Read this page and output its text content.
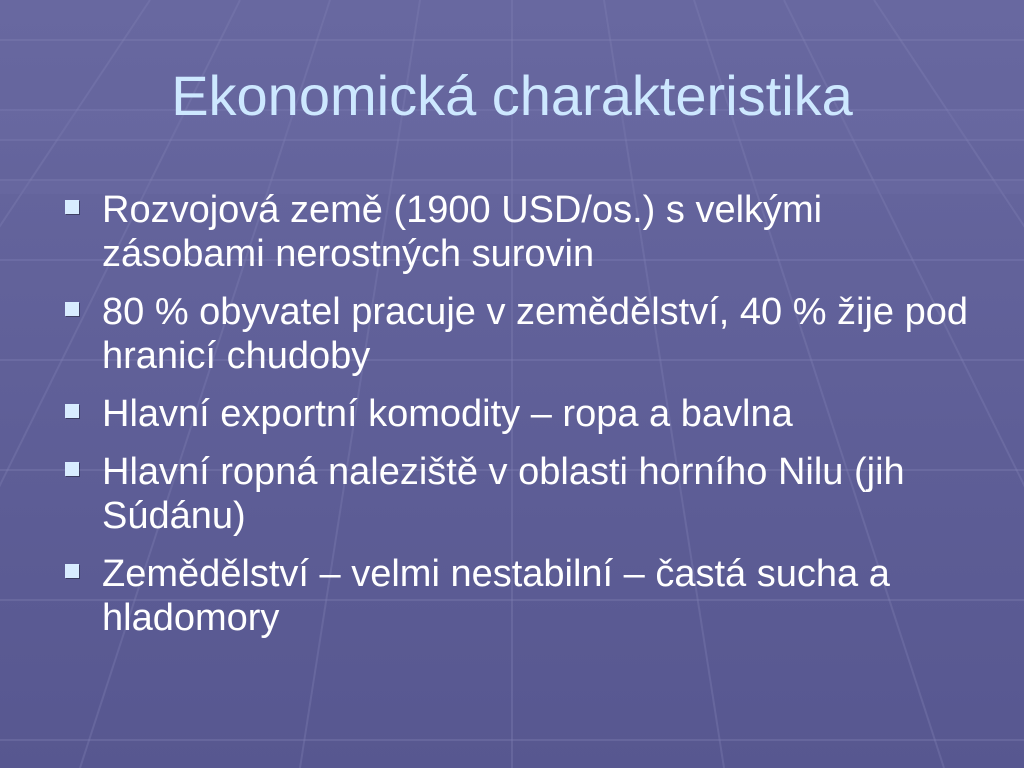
Ekonomická charakteristika
Rozvojová země (1900 USD/os.) s velkými zásobami nerostných surovin
80 % obyvatel pracuje v zemědělství, 40 % žije pod hranicí chudoby
Hlavní exportní komodity – ropa a bavlna
Hlavní ropná naleziště v oblasti horního Nilu (jih Súdánu)
Zemědělství – velmi nestabilní – častá sucha a hladomory
